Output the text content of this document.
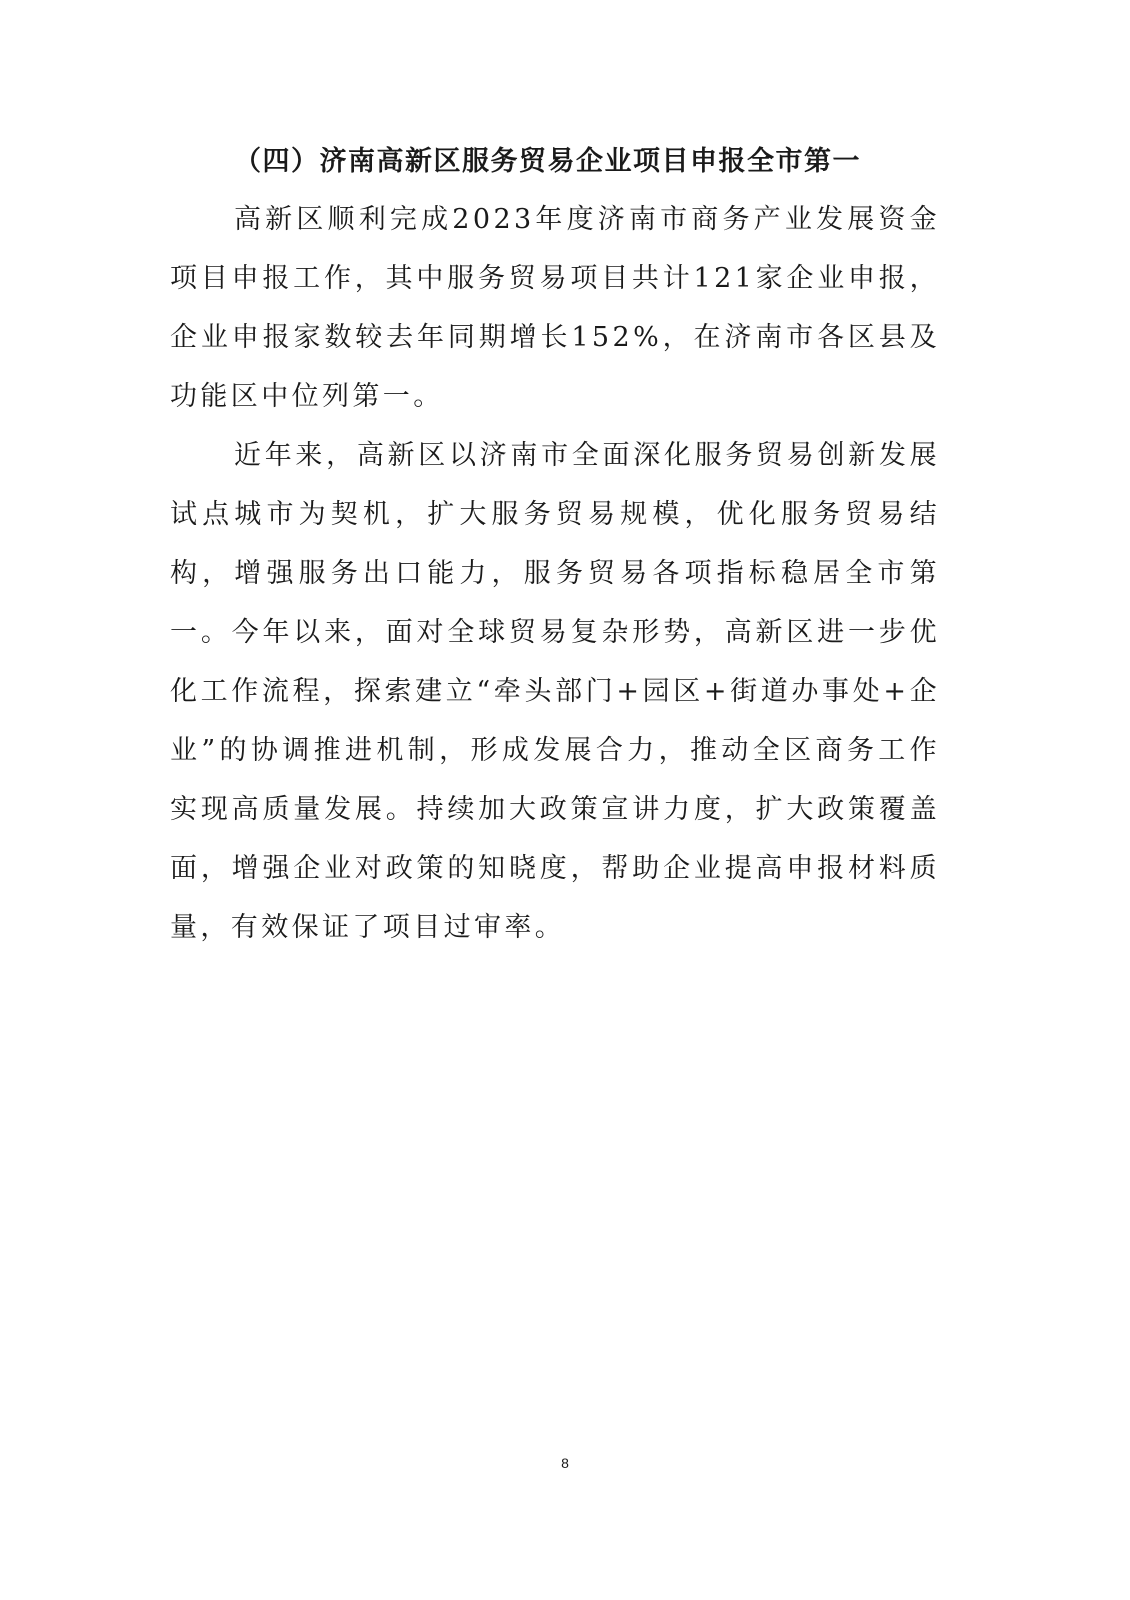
（四）济南高新区服务贸易企业项目申报全市第一

高新区顺利完成2023年度济南市商务产业发展资金项目申报工作，其中服务贸易项目共计121家企业申报，企业申报家数较去年同期增长152%，在济南市各区县及功能区中位列第一。

近年来，高新区以济南市全面深化服务贸易创新发展试点城市为契机，扩大服务贸易规模，优化服务贸易结构，增强服务出口能力，服务贸易各项指标稳居全市第一。今年以来，面对全球贸易复杂形势，高新区进一步优化工作流程，探索建立“牵头部门+园区+街道办事处+企业”的协调推进机制，形成发展合力，推动全区商务工作实现高质量发展。持续加大政策宣讲力度，扩大政策覆盖面，增强企业对政策的知晓度，帮助企业提高申报材料质量，有效保证了项目过审率。

8
